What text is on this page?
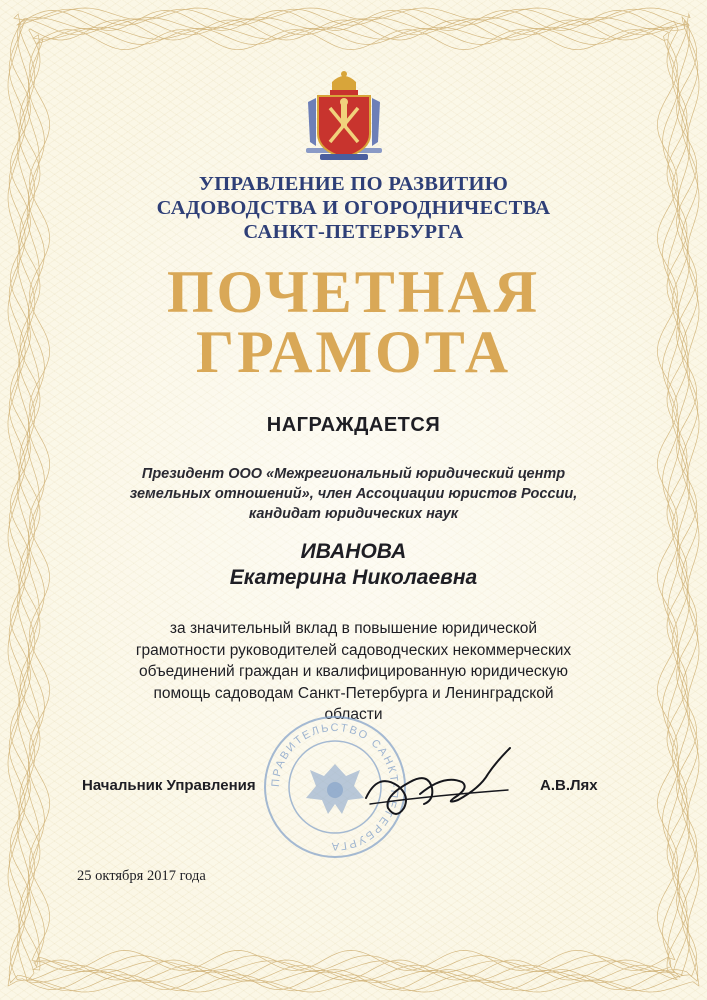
УПРАВЛЕНИЕ ПО РАЗВИТИЮ
САДОВОДСТВА И ОГОРОДНИЧЕСТВА
САНКТ-ПЕТЕРБУРГА
ПОЧЕТНАЯ
ГРАМОТА
НАГРАЖДАЕТСЯ
Президент ООО «Межрегиональный юридический центр
земельных отношений», член Ассоциации юристов России,
кандидат юридических наук
ИВАНОВА
Екатерина Николаевна
за значительный вклад в повышение юридической
грамотности руководителей садоводческих некоммерческих
объединений граждан и квалифицированную юридическую
помощь садоводам Санкт-Петербурга и Ленинградской
области
ПРАВИТЕЛЬСТВО САНКТ-ПЕТЕРБУРГА
Начальник Управления	А.В.Лях
25 октября 2017 года
